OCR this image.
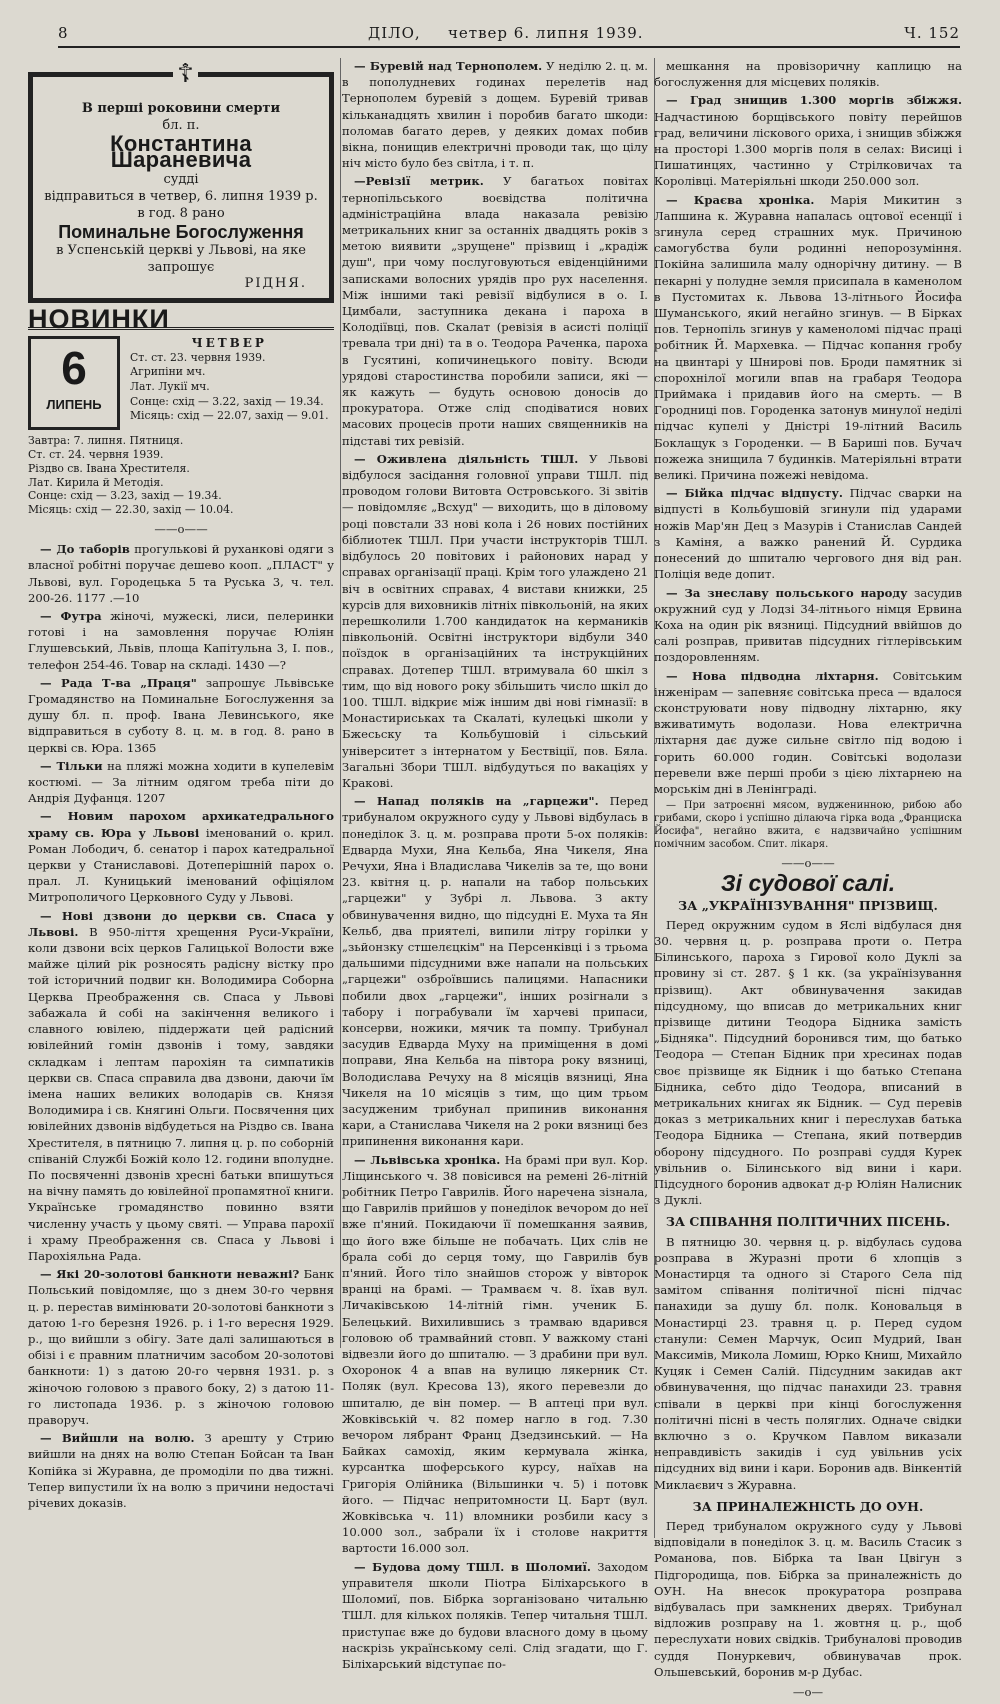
8	ДІЛО, четвер 6. липня 1939.	Ч. 152
☦
В перші роковини смерти
бл. п.
Константина Шараневича
судді
відправиться в четвер, 6. липня 1939 р.
в год. 8 рано
Поминальне Богослуження
в Успенській церкві у Львові, на яке
запрошує
РІДНЯ.
НОВИНКИ
6
ЛИПЕНЬ
ЧЕТВЕР
Ст. ст. 23. червня 1939.
Агрипіни мч.
Лат. Лукії мч.
Сонце: схід — 3.22, захід — 19.34.
Місяць: схід — 22.07, захід — 9.01.
Завтра: 7. липня. Пятниця.
Ст. ст. 24. червня 1939.
Різдво св. Івана Хрестителя.
Лат. Кирила й Методія.
Сонце: схід — 3.23, захід — 19.34.
Місяць: схід — 22.30, захід — 10.04.
——o——

— До таборів прогулькові й руханкові одяги з власної робітні поручає дешево кооп. „ПЛАСТ" у Львові, вул. Городецька 5 та Руська 3, ч. тел. 200-26. 1177 .—10

— Футра жіночі, мужескі, лиси, пелеринки готові і на замовлення поручає Юліян Глушевський, Львів, площа Капітульна 3, І. пов., телефон 254-46. Товар на складі. 1430 —?

— Рада Т-ва „Праця" запрошує Львівське Громадянство на Поминальне Богослуження за душу бл. п. проф. Івана Левинського, яке відправиться в суботу 8. ц. м. в год. 8. рано в церкві св. Юра. 1365

— Тільки на пляжі можна ходити в купелевім костюмі. — За літним одягом треба піти до Андрія Дуфанця. 1207

— Новим пароxом архикатедрального храму св. Юра у Львові іменований о. крил. Роман Лободич, б. сенатор і парох катедральної церкви у Станиславові. Дотеперішній парох о. прал. Л. Куницький іменований офіціялом Митрополичого Церковного Суду у Львові.

— Нові дзвони до церкви св. Спаса у Львові. В 950-ліття хрещення Руси-України, коли дзвони всіх церков Галицької Волости вже майже цілий рік розносять радісну вістку про той історичний подвиг кн. Володимира Соборна Церква Преображення св. Спаса у Львові забажала й собі на закінчення великого і славного ювілею, піддержати цей радісний ювілейний гомін дзвонів і тому, завдяки складкам і лептам парохіян та симпатиків церкви св. Спаса справила два дзвони, даючи їм імена наших великих володарів св. Князя Володимира і св. Княгині Ольги. Посвячення цих ювілейних дзвонів відбудеться на Різдво св. Івана Хрестителя, в пятницю 7. липня ц. р. по соборній співаній Службі Божій коло 12. години вполудне. По посвяченні дзвонів хресні батьки впишуться на вічну память до ювілейної пропамятної книги. Українське громадянство повинно взяти численну участь у цьому святі. — Управа парохії і храму Преображення св. Спаса у Львові і Парохіяльна Рада.

— Які 20-золотові банкноти неважні? Банк Польський повідомляє, що з днем 30-го червня ц. р. перестав вимінювати 20-золотові банкноти з датою 1-го березня 1926. р. і 1-го вересня 1929. р., що вийшли з обігу. Зате далі залишаються в обізі і є правним платничим засобом 20-золотові банкноти: 1) з датою 20-го червня 1931. р. з жіночою головою з правого боку, 2) з датою 11-го листопада 1936. р. з жіночою головою праворуч.

— Вийшли на волю. З арешту у Стрию вийшли на днях на волю Степан Бойсан та Іван Копійка зі Журавна, де промоділи по два тижні. Тепер випустили їх на волю з причини недостачі річевих доказів.

— Буревій над Тернополем. У неділю 2. ц. м. в пополудневих годинах перелетів над Тернополем буревій з дощем. Буревій тривав кільканадцять хвилин і поробив багато шкоди: поломав багато дерев, у деяких домах побив вікна, понищив електричні проводи так, що цілу ніч місто було без світла, і т. п.

—Ревізії метрик. У багатьох повітах тернопільського воєвідства політична адміністраційна влада наказала ревізію метрикальних книг за останніх двадцять років з метою виявити „зрущене" прізвищ і „крадіж душ", при чому послуговуються евіденційними записками волосних урядів про рух населення. Між іншими такі ревізії відбулися в о. І. Цимбали, заступника декана і пароха в Колодіївці, пов. Скалат (ревізія в асисті поліції тревала три дні) та в о. Теодора Раченка, пароха в Гусятині, копичинецького повіту. Всюди урядові старостинства поробили записи, які — як кажуть — будуть основою доносів до прокуратора. Отже слід сподіватися нових масових процесів проти наших священників на підставі тих ревізій.

— Оживлена діяльність ТШЛ. У Львові відбулося засідання головної управи ТШЛ. під проводом голови Витовта Островського. Зі звітів — повідомляє „Всхуд" — виходить, що в діловому році повстали 33 нові кола і 26 нових постійних біблиотек ТШЛ. При участи інструкторів ТШЛ. відбулось 20 повітових і районових нарад у справах організації праці. Крім того улаждено 21 віч в освітних справах, 4 вистави книжки, 25 курсів для виховників літніх півкольоній, на яких перешколили 1.700 кандидаток на кермаників півкольоній. Освітні інструктори відбули 340 поїздок в організаційних та інструкційних справах. Дотепер ТШЛ. втримувала 60 шкіл з тим, що від нового року збільшить число шкіл до 100. ТШЛ. відкриє між іншим дві нові гімназії: в Монастириськах та Скалаті, кулецькі школи у Бжесьску та Кольбушовій і сільський університет з інтернатом у Бествіції, пов. Бяла. Загальні Збори ТШЛ. відбудуться по вакаціях у Кракові.

— Напад поляків на „гарцежи". Перед трибуналом окружного суду у Львові відбулась в понеділок 3. ц. м. розправа проти 5-ох поляків: Едварда Мухи, Яна Кельба, Яна Чикеля, Яна Речухи, Яна і Владислава Чикелів за те, що вони 23. квітня ц. р. напали на табор польських „гарцежи" у Зубрі л. Львова. З акту обвинувачення видно, що підсудні Е. Муха та Ян Кельб, два приятелі, випили літру горілки у „зьйонзку стшелєцкім" на Персенківці і з трьома дальшими підсудними вже напали на польських „гарцежи" озброївшись палицями. Напасники побили двох „гарцежи", інших розігнали з табору і пограбували їм харчеві припаси, консерви, ножики, мячик та помпу. Трибунал засудив Едварда Муху на приміщення в домі поправи, Яна Кельба на півтора року вязниці, Володислава Речуху на 8 місяців вязниці, Яна Чикеля на 10 місяців з тим, що цим трьом засудженим трибунал припинив виконання кари, а Станислава Чикеля на 2 роки вязниці без припинення виконання кари.

— Львівська хроніка. На брамі при вул. Кор. Ліщинського ч. 38 повісився на ремені 26-літній робітник Петро Гаврилів. Його наречена зізнала, що Гаврилів прийшов у понеділок вечором до неї вже п'яний. Покидаючи її помешкання заявив, що його вже більше не побачать. Цих слів не брала собі до серця тому, що Гаврилів був п'яний. Його тіло знайшов сторож у вівторок вранці на брамі. — Трамваєм ч. 8. їхав вул. Личаківською 14-літній гімн. ученик Б. Белецький. Вихилившись з трамваю вдарився головою об трамвайний стовп. У важкому стані відвезли його до шпиталю. — З драбини при вул. Охоронок 4 а впав на вулицю лякерник Ст. Поляк (вул. Кресова 13), якого перевезли до шпиталю, де він помер. — В аптеці при вул. Жовківській ч. 82 помер нагло в год. 7.30 вечором лябрант Франц Дзедзинський. — На Байках самохід, яким кермувала жінка, курсантка шоферського курсу, наїхав на Григорія Олійника (Вільшинки ч. 5) і потовк його. — Підчас непритомности Ц. Барт (вул. Жовківська ч. 11) вломники розбили касу з 10.000 зол., забрали їх і столове накриття вартости 16.000 зол.

— Будова дому ТШЛ. в Шоломиї. Заходом управителя школи Піотра Біліхарського в Шоломиї, пов. Бібрка зорганізовано читальню ТШЛ. для кількох поляків. Тепер читальня ТШЛ. приступає вже до будови власного дому в цьому наскрізь українському селі. Слід згадати, що Г. Біліхарський відступає по-

мешкання на провізоричну каплицю на богослуження для місцевих поляків.

— Град знищив 1.300 моргів збіжжя. Надчастиною борщівського повіту перейшов град, величини ліскового ориха, і знищив збіжжя на просторі 1.300 моргів поля в селах: Висиці і Пишатинцях, частинно у Стрілковичах та Королівці. Матеріяльні шкоди 250.000 зол.

— Краєва хроніка. Марія Микитин з Лапшина к. Журавна напалась оцтової есенції і згинула серед страшних мук. Причиною самогубства були родинні непорозуміння. Покійна залишила малу однорічну дитину. — В пекарні у полудне земля присипала в каменолом в Пустомитах к. Львова 13-літнього Йосифа Шуманського, який негайно згинув. — В Бірках пов. Тернопіль згинув у каменоломі підчас праці робітник Й. Мархевка. — Підчас копання гробу на цвинтарі у Шнирові пов. Броди памятник зі спорохнілої могили впав на грабаря Теодора Приймака і придавив його на смерть. — В Городниці пов. Городенка затонув минулої неділі підчас купелі у Дністрі 19-літний Василь Боклащук з Городенки. — В Бариші пов. Бучач пожежа знищила 7 будинків. Матеріяльні втрати великі. Причина пожежі невідома.

— Бійка підчас відпусту. Підчас сварки на відпусті в Кольбушовій згинули під ударами ножів Мар'ян Дец з Мазурів і Станислав Сандей з Каміня, а важко ранений Й. Сурдика понесений до шпиталю чергового дня від ран. Поліція веде допит.

— За знеславу польського народу засудив окружний суд у Лодзі 34-літнього німця Ервина Коха на один рік вязниці. Підсудний ввійшов до салі розправ, привитав підсудних гітлерівським поздоровленням.

— Нова підводна ліхтарня. Совітським інженірам — запевняє совітська преса — вдалося сконструювати нову підводну ліхтарню, яку вживатимуть водолази. Нова електрична ліхтарня дає дуже сильне світло під водою і горить 60.000 годин. Совітські водолази перевели вже перші проби з цією ліхтарнею на морськім дні в Ленінграді.

— При затроєнні мясом, вудженинною, рибою або грибами, скоро і успішно ділаюча гірка вода „Франциска Йосифа", негайно вжита, є надзвичайно успішним помічним засобом. Спит. лікаря.

——o——
Зі судової салі.
ЗА „УКРАЇНІЗУВАННЯ" ПРІЗВИЩ.

Перед окружним судом в Яслі відбулася дня 30. червня ц. р. розправа проти о. Петра Білинського, пароха з Гирової коло Дуклі за провину зі ст. 287. § 1 кк. (за українізування прізвищ). Акт обвинувачення закидав підсудному, що вписав до метрикальних книг прізвище дитини Теодора Бідника замість „Бідняка". Підсудний боронився тим, що батько Теодора — Степан Бідник при хресинах подав своє прізвище як Бідник і що батько Степана Бідника, себто дідо Теодора, вписаний в метрикальних книгах як Бідник. — Суд перевів доказ з метрикальних книг і переслухав батька Теодора Бідника — Степана, який потвердив оборону підсудного. По розправі суддя Курек увільнив о. Білинського від вини і кари. Підсудного боронив адвокат д-р Юліян Налисник з Дуклі.

ЗА СПІВАННЯ ПОЛІТИЧНИХ ПІСЕНЬ.

В пятницю 30. червня ц. р. відбулась судова розправа в Журазні проти 6 хлопців з Монастирця та одного зі Старого Села під замітом співання політичної пісні підчас панахиди за душу бл. полк. Коновальця в Монастирці 23. травня ц. р. Перед судом станули: Семен Марчук, Осип Мудрий, Іван Максимів, Микола Ломиш, Юрко Книш, Михайло Куцяк і Семен Салій. Підсудним закидав акт обвинувачення, що підчас панахиди 23. травня співали в церкві при кінці богослуження політичні пісні в честь поляглих. Одначе свідки включно з о. Кручком Павлом виказали неправдивість закидів і суд увільнив усіх підсудних від вини і кари. Боронив адв. Вінкентій Миклаєвич з Журавна.

ЗА ПРИНАЛЕЖНІСТЬ ДО ОУН.

Перед трибуналом окружного суду у Львові відповідали в понеділок 3. ц. м. Василь Стасик з Романова, пов. Бібрка та Іван Цвігун з Підгородища, пов. Бібрка за приналежність до ОУН. На внесок прокуратора розправа відбувалась при замкнених дверях. Трибунал відложив розправу на 1. жовтня ц. р., щоб переслухати нових свідків. Трибуналові проводив суддя Понуркевич, обвинувачав прок. Ольшевський, боронив м-р Дубас.

—o—
